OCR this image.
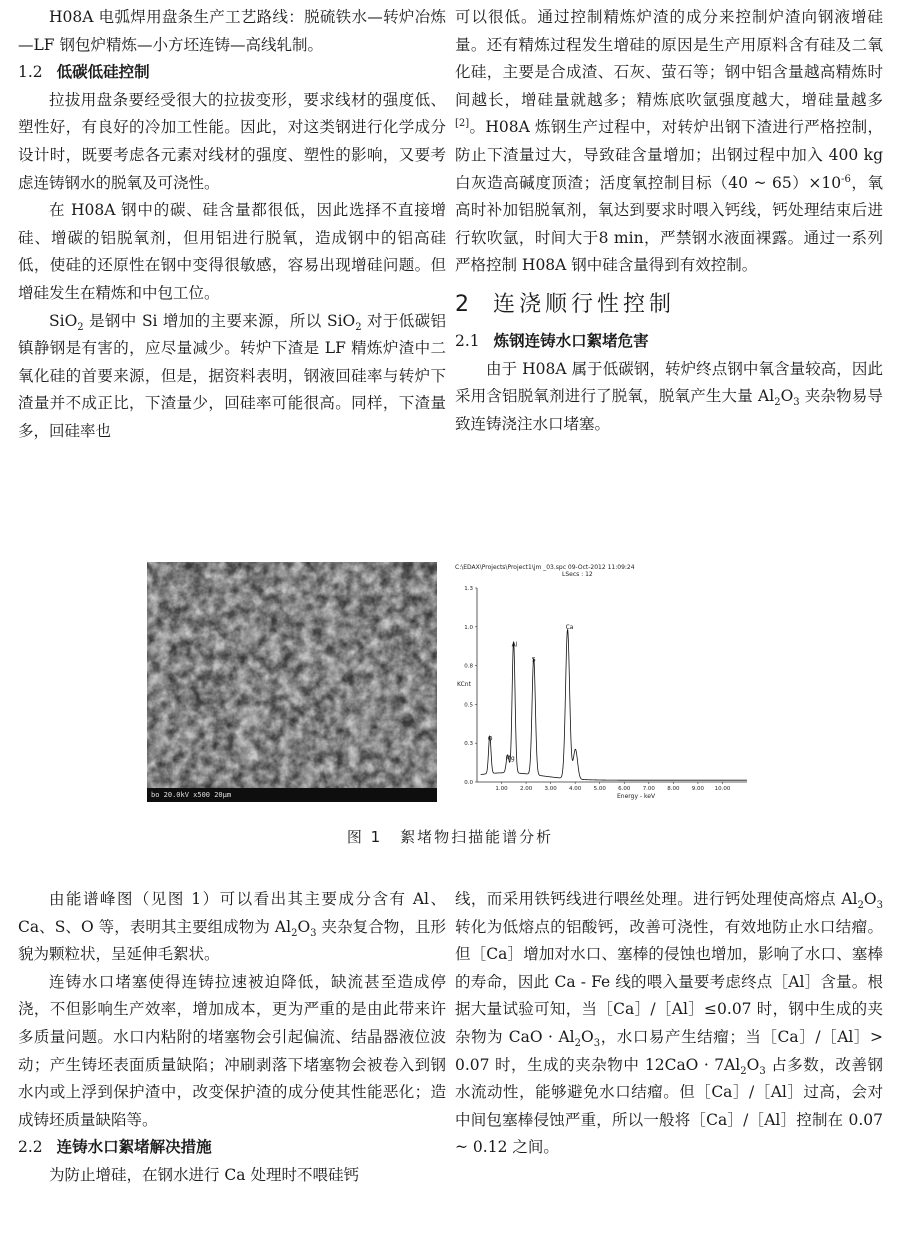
H08A 电弧焊用盘条生产工艺路线：脱硫铁水—转炉冶炼—LF 钢包炉精炼—小方坯连铸—高线轧制。

1.2 低碳低硅控制

拉拔用盘条要经受很大的拉拔变形，要求线材的强度低、塑性好，有良好的冷加工性能。因此，对这类钢进行化学成分设计时，既要考虑各元素对线材的强度、塑性的影响，又要考虑连铸钢水的脱氧及可浇性。

在 H08A 钢中的碳、硅含量都很低，因此选择不直接增硅、增碳的铝脱氧剂，但用铝进行脱氧，造成钢中的铝高硅低，使硅的还原性在钢中变得很敏感，容易出现增硅问题。但增硅发生在精炼和中包工位。

SiO$_2$ 是钢中 Si 增加的主要来源，所以 SiO$_2$ 对于低碳铝镇静钢是有害的，应尽量减少。转炉下渣是 LF 精炼炉渣中二氧化硅的首要来源，但是，据资料表明，钢液回硅率与转炉下渣量并不成正比，下渣量少，回硅率可能很高。同样，下渣量多，回硅率也

可以很低。通过控制精炼炉渣的成分来控制炉渣向钢液增硅量。还有精炼过程发生增硅的原因是生产用原料含有硅及二氧化硅，主要是合成渣、石灰、萤石等；钢中铝含量越高精炼时间越长，增硅量就越多；精炼底吹氩强度越大，增硅量越多[2]。H08A 炼钢生产过程中，对转炉出钢下渣进行严格控制，防止下渣量过大，导致硅含量增加；出钢过程中加入 400 kg白灰造高碱度顶渣；活度氧控制目标（40 ~ $65)\times 10^{-6}$，氧高时补加铝脱氧剂，氧达到要求时喂入钙线，钙处理结束后进行软吹氩，时间大于8 min，严禁钢水液面裸露。通过一系列严格控制 H08A 钢中硅含量得到有效控制。

2 连浇顺行性控制
2.1 炼钢连铸水口絮堵危害

由于 H08A 属于低碳钢，转炉终点钢中氧含量较高，因此采用含铝脱氧剂进行了脱氧，脱氧产生大量 $Al_2O_3$ 夹杂物易导致连铸浇注水口堵塞。

bo 20.0kV x500 20μm
C:\EDAX\Projects\Project1\jm _03.spc 09-Oct-2012 11:09:24
LSecs : 12
KCnt
Energy - keV
0.0
0.3
0.5
0.8
1.0
1.3
1.00 2.00 3.00 4.00 5.00 6.00 7.00 8.00 9.00 10.00
O
Mg
Al
S
Ca
图 1 絮堵物扫描能谱分析

由能谱峰图（见图 1）可以看出其主要成分含有 Al、Ca、S、O 等，表明其主要组成物为 $Al_2O_3$ 夹杂复合物，且形貌为颗粒状，呈延伸毛絮状。

连铸水口堵塞使得连铸拉速被迫降低，缺流甚至造成停浇，不但影响生产效率，增加成本，更为严重的是由此带来许多质量问题。水口内粘附的堵塞物会引起偏流、结晶器液位波动；产生铸坯表面质量缺陷；冲刷剥落下堵塞物会被卷入到钢水内或上浮到保护渣中，改变保护渣的成分使其性能恶化；造成铸坯质量缺陷等。

2.2 连铸水口絮堵解决措施

为防止增硅，在钢水进行 Ca 处理时不喂硅钙

线，而采用铁钙线进行喂丝处理。进行钙处理使高熔点 $Al_2O_3$ 转化为低熔点的铝酸钙，改善可浇性，有效地防止水口结瘤。但［Ca］增加对水口、塞棒的侵蚀也增加，影响了水口、塞棒的寿命，因此 Ca - Fe 线的喂入量要考虑终点［Al］含量。根据大量试验可知，当［Ca］/［Al］≤0.07 时，钢中生成的夹杂物为 CaO · $Al_2O_3$，水口易产生结瘤；当［Ca］/［Al］> 0.07 时，生成的夹杂物中 $12CaO \cdot 7Al_2O_3$ 占多数，改善钢水流动性，能够避免水口结瘤。但［Ca］/［Al］过高，会对中间包塞棒侵蚀严重，所以一般将［Ca］/［Al］控制在 0.07 ~ 0.12 之间。
